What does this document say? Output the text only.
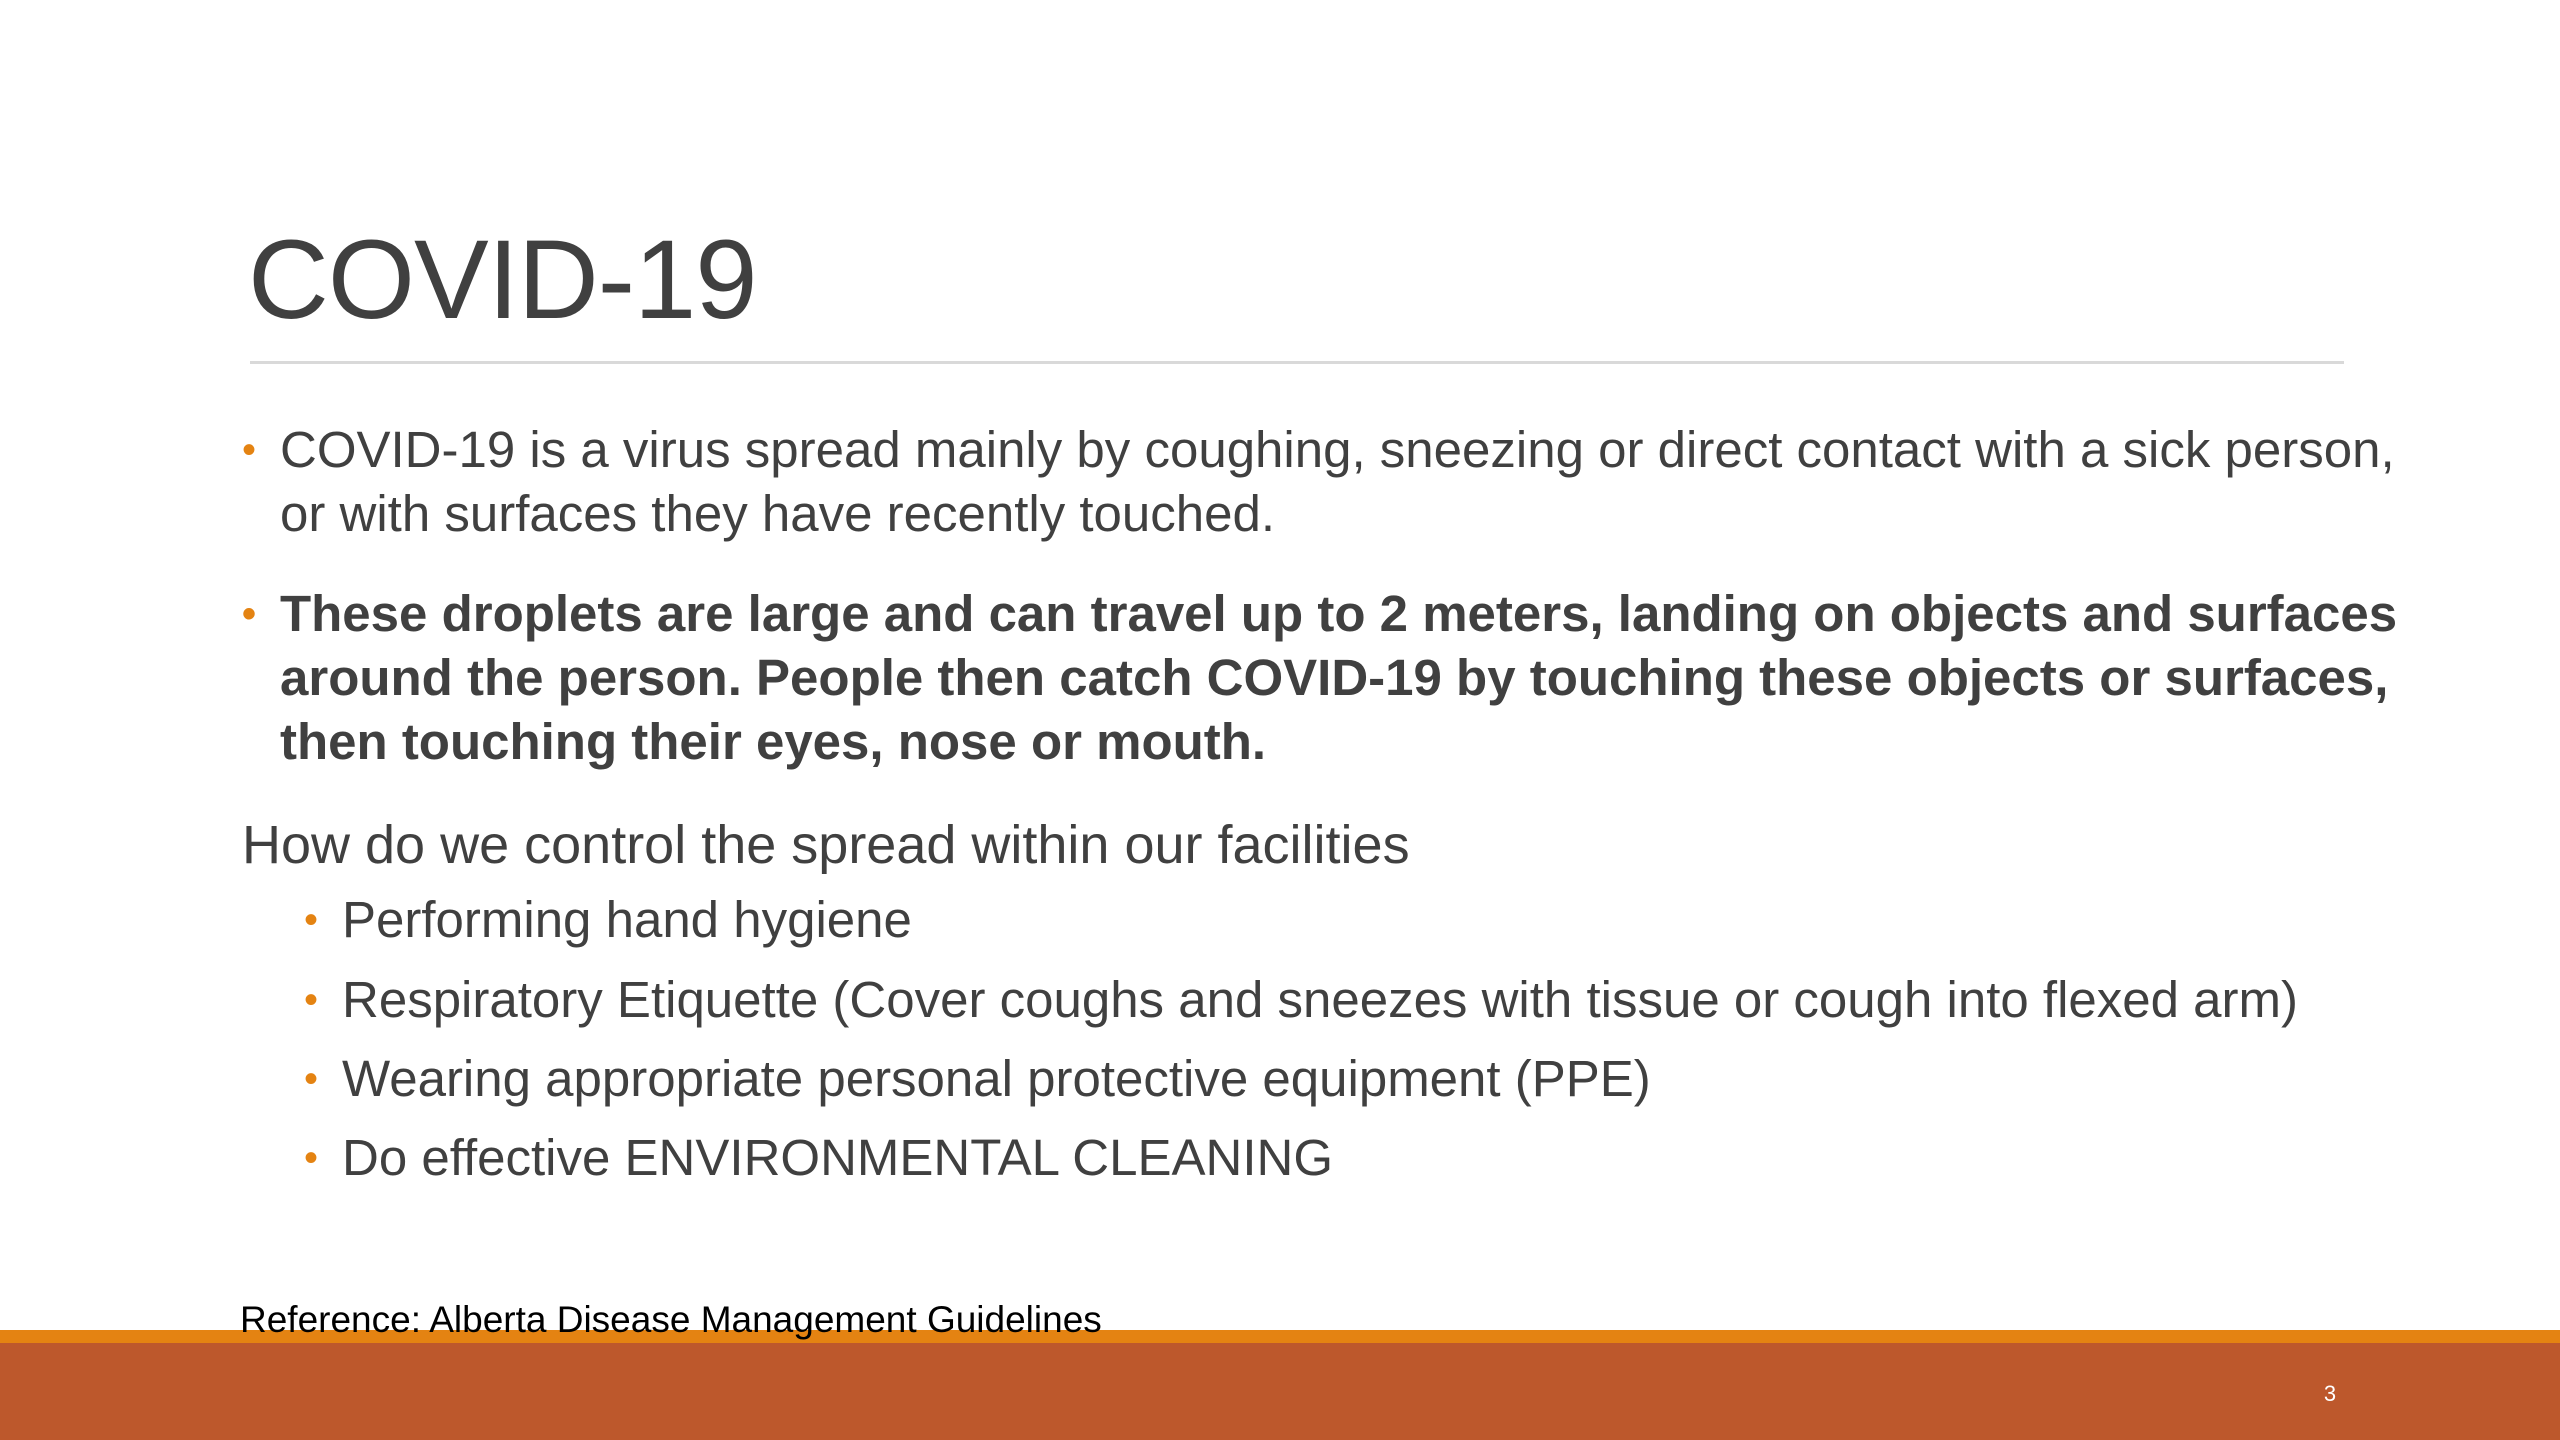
COVID-19
• COVID-19 is a virus spread mainly by coughing, sneezing or direct contact with a sick person, or with surfaces they have recently touched.
• These droplets are large and can travel up to 2 meters, landing on objects and surfaces around the person. People then catch COVID-19 by touching these objects or surfaces, then touching their eyes, nose or mouth.
How do we control the spread within our facilities
• Performing hand hygiene
• Respiratory Etiquette (Cover coughs and sneezes with tissue or cough into flexed arm)
• Wearing appropriate personal protective equipment (PPE)
• Do effective ENVIRONMENTAL CLEANING
Reference: Alberta Disease Management Guidelines
3
